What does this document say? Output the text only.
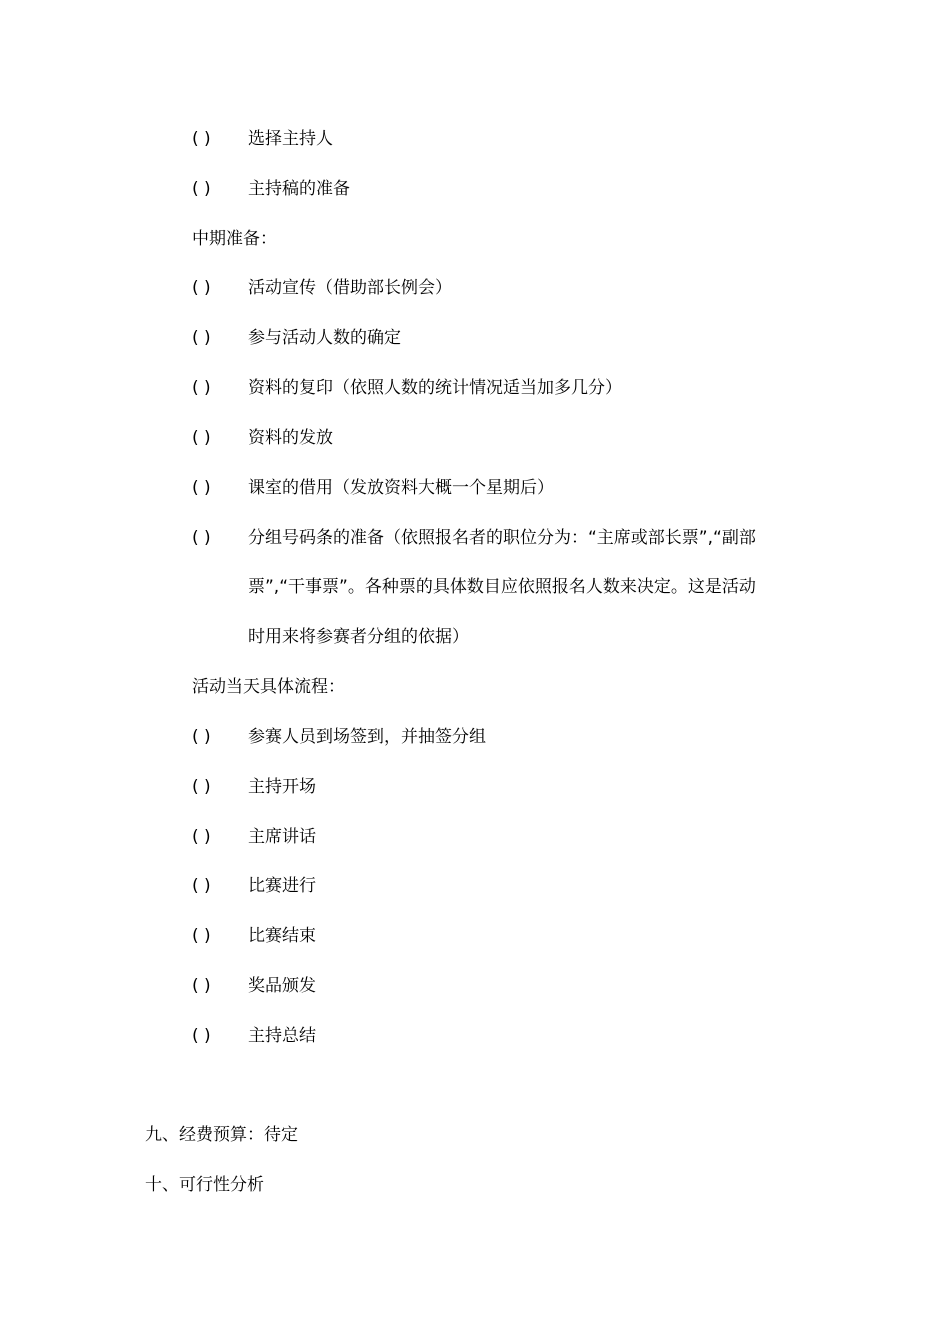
( ) 选择主持人
( ) 主持稿的准备
中期准备：
( ) 活动宣传（借助部长例会）
( ) 参与活动人数的确定
( ) 资料的复印（依照人数的统计情况适当加多几分）
( ) 资料的发放
( ) 课室的借用（发放资料大概一个星期后）
( ) 分组号码条的准备（依照报名者的职位分为：“主席或部长票”,“副部
票”,“干事票”。各种票的具体数目应依照报名人数来决定。这是活动
时用来将参赛者分组的依据）
活动当天具体流程：
( ) 参赛人员到场签到，并抽签分组
( ) 主持开场
( ) 主席讲话
( ) 比赛进行
( ) 比赛结束
( ) 奖品颁发
( ) 主持总结
九、经费预算：待定
十、可行性分析
